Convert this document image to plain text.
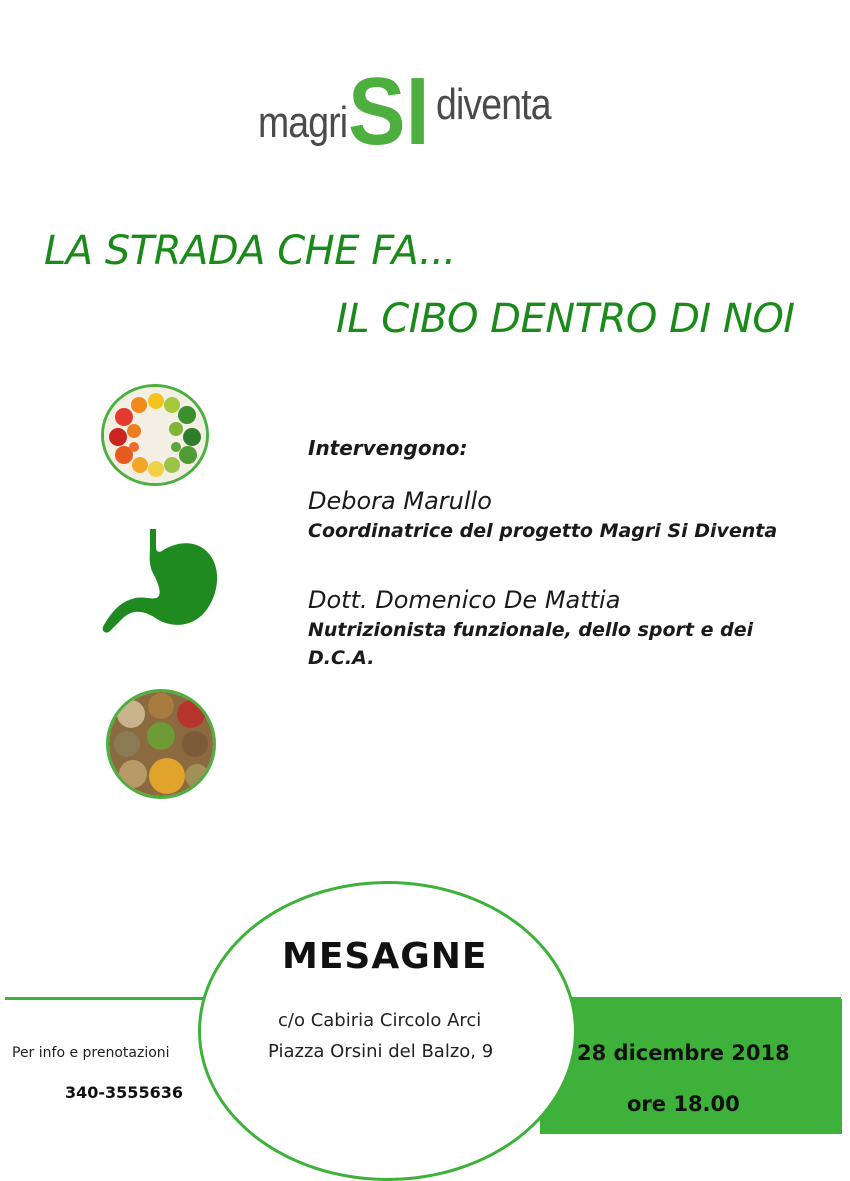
magri SI diventa
LA STRADA CHE FA...
IL CIBO DENTRO DI NOI
Intervengono:
Debora Marullo
Coordinatrice del progetto Magri Si Diventa
Dott. Domenico De Mattia
Nutrizionista funzionale, dello sport e dei
D.C.A.
MESAGNE
c/o Cabiria Circolo Arci
Piazza Orsini del Balzo, 9
Per info e prenotazioni
340-3555636
28 dicembre 2018
ore 18.00
